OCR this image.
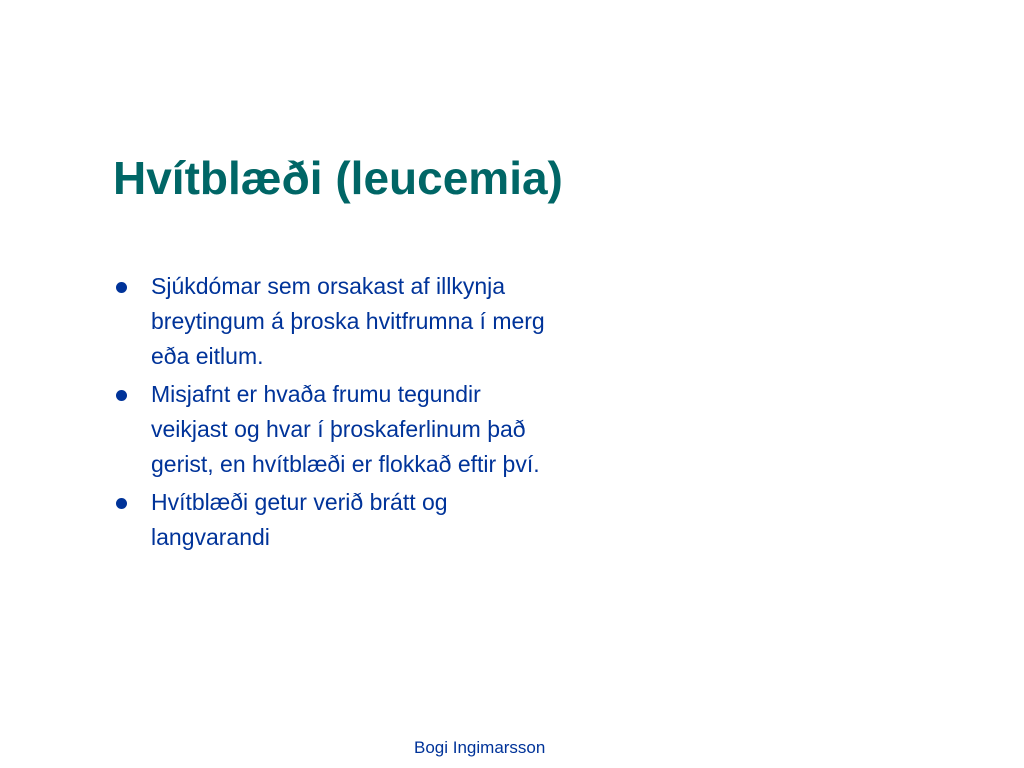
Hvítblæði (leucemia)
Sjúkdómar sem orsakast af illkynja breytingum á þroska hvitfrumna í merg eða eitlum.
Misjafnt er hvaða frumu tegundir veikjast og hvar í þroskaferlinum það gerist, en hvítblæði er flokkað eftir því.
Hvítblæði getur verið brátt og langvarandi
Bogi Ingimarsson
